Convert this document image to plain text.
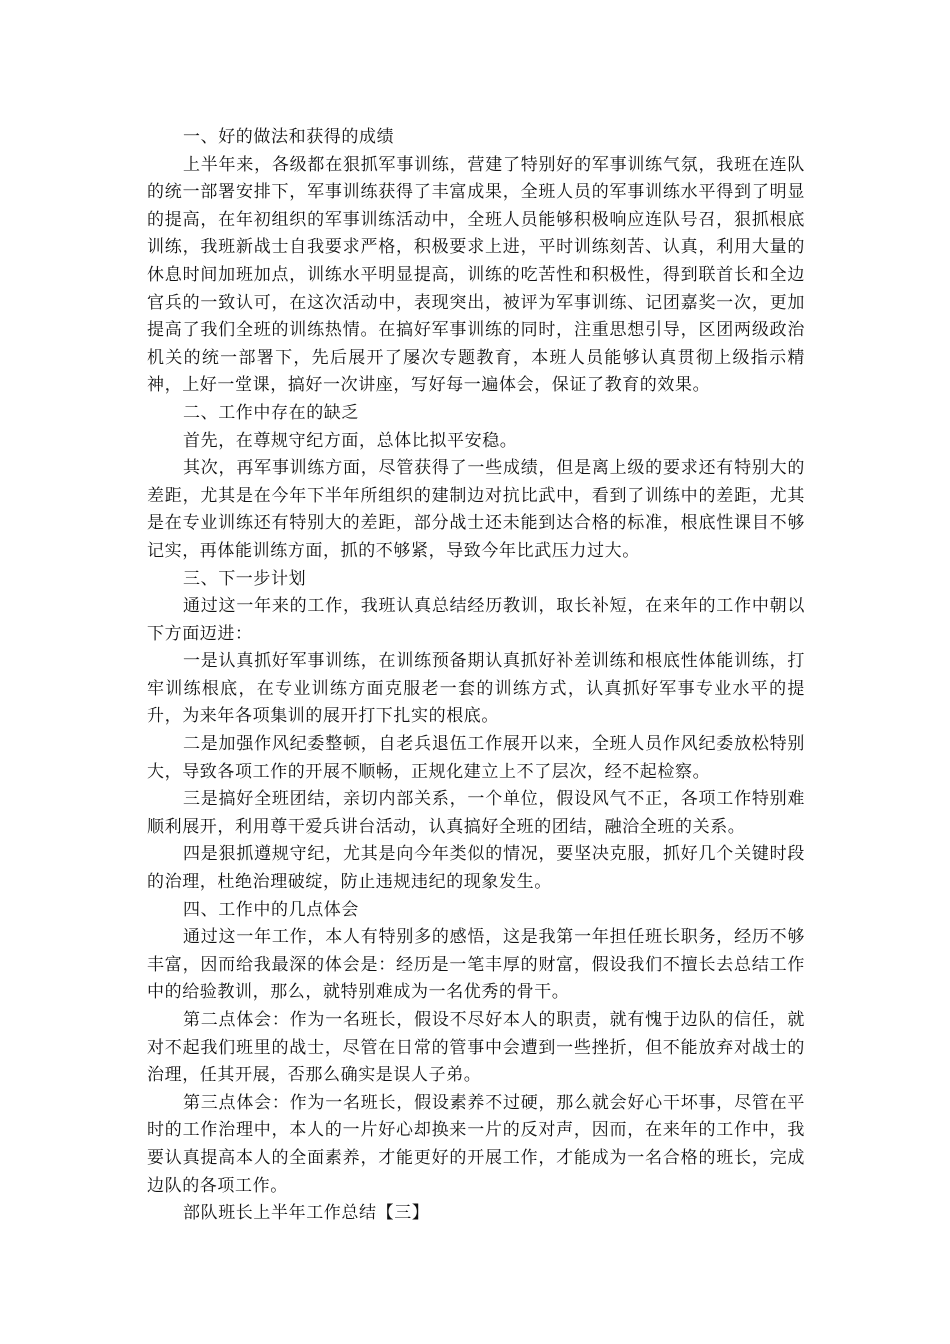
一、好的做法和获得的成绩

上半年来，各级都在狠抓军事训练，营建了特别好的军事训练气氛，我班在连队的统一部署安排下，军事训练获得了丰富成果，全班人员的军事训练水平得到了明显的提高，在年初组织的军事训练活动中，全班人员能够积极响应连队号召，狠抓根底训练，我班新战士自我要求严格，积极要求上进，平时训练刻苦、认真，利用大量的休息时间加班加点，训练水平明显提高，训练的吃苦性和积极性，得到联首长和全边官兵的一致认可，在这次活动中，表现突出，被评为军事训练、记团嘉奖一次，更加提高了我们全班的训练热情。在搞好军事训练的同时，注重思想引导，区团两级政治机关的统一部署下，先后展开了屡次专题教育，本班人员能够认真贯彻上级指示精神，上好一堂课，搞好一次讲座，写好每一遍体会，保证了教育的效果。

二、工作中存在的缺乏

首先，在尊规守纪方面，总体比拟平安稳。

其次，再军事训练方面，尽管获得了一些成绩，但是离上级的要求还有特别大的差距，尤其是在今年下半年所组织的建制边对抗比武中，看到了训练中的差距，尤其是在专业训练还有特别大的差距，部分战士还未能到达合格的标准，根底性课目不够记实，再体能训练方面，抓的不够紧，导致今年比武压力过大。

三、下一步计划

通过这一年来的工作，我班认真总结经历教训，取长补短，在来年的工作中朝以下方面迈进：

一是认真抓好军事训练，在训练预备期认真抓好补差训练和根底性体能训练，打牢训练根底，在专业训练方面克服老一套的训练方式，认真抓好军事专业水平的提升，为来年各项集训的展开打下扎实的根底。

二是加强作风纪委整顿，自老兵退伍工作展开以来，全班人员作风纪委放松特别大，导致各项工作的开展不顺畅，正规化建立上不了层次，经不起检察。

三是搞好全班团结，亲切内部关系，一个单位，假设风气不正，各项工作特别难顺利展开，利用尊干爱兵讲台活动，认真搞好全班的团结，融洽全班的关系。

四是狠抓遵规守纪，尤其是向今年类似的情况，要坚决克服，抓好几个关键时段的治理，杜绝治理破绽，防止违规违纪的现象发生。

四、工作中的几点体会

通过这一年工作，本人有特别多的感悟，这是我第一年担任班长职务，经历不够丰富，因而给我最深的体会是：经历是一笔丰厚的财富，假设我们不擅长去总结工作中的给验教训，那么，就特别难成为一名优秀的骨干。

第二点体会：作为一名班长，假设不尽好本人的职责，就有愧于边队的信任，就对不起我们班里的战士，尽管在日常的管事中会遭到一些挫折，但不能放弃对战士的治理，任其开展，否那么确实是误人子弟。

第三点体会：作为一名班长，假设素养不过硬，那么就会好心干坏事，尽管在平时的工作治理中，本人的一片好心却换来一片的反对声，因而，在来年的工作中，我要认真提高本人的全面素养，才能更好的开展工作，才能成为一名合格的班长，完成边队的各项工作。

部队班长上半年工作总结【三】
